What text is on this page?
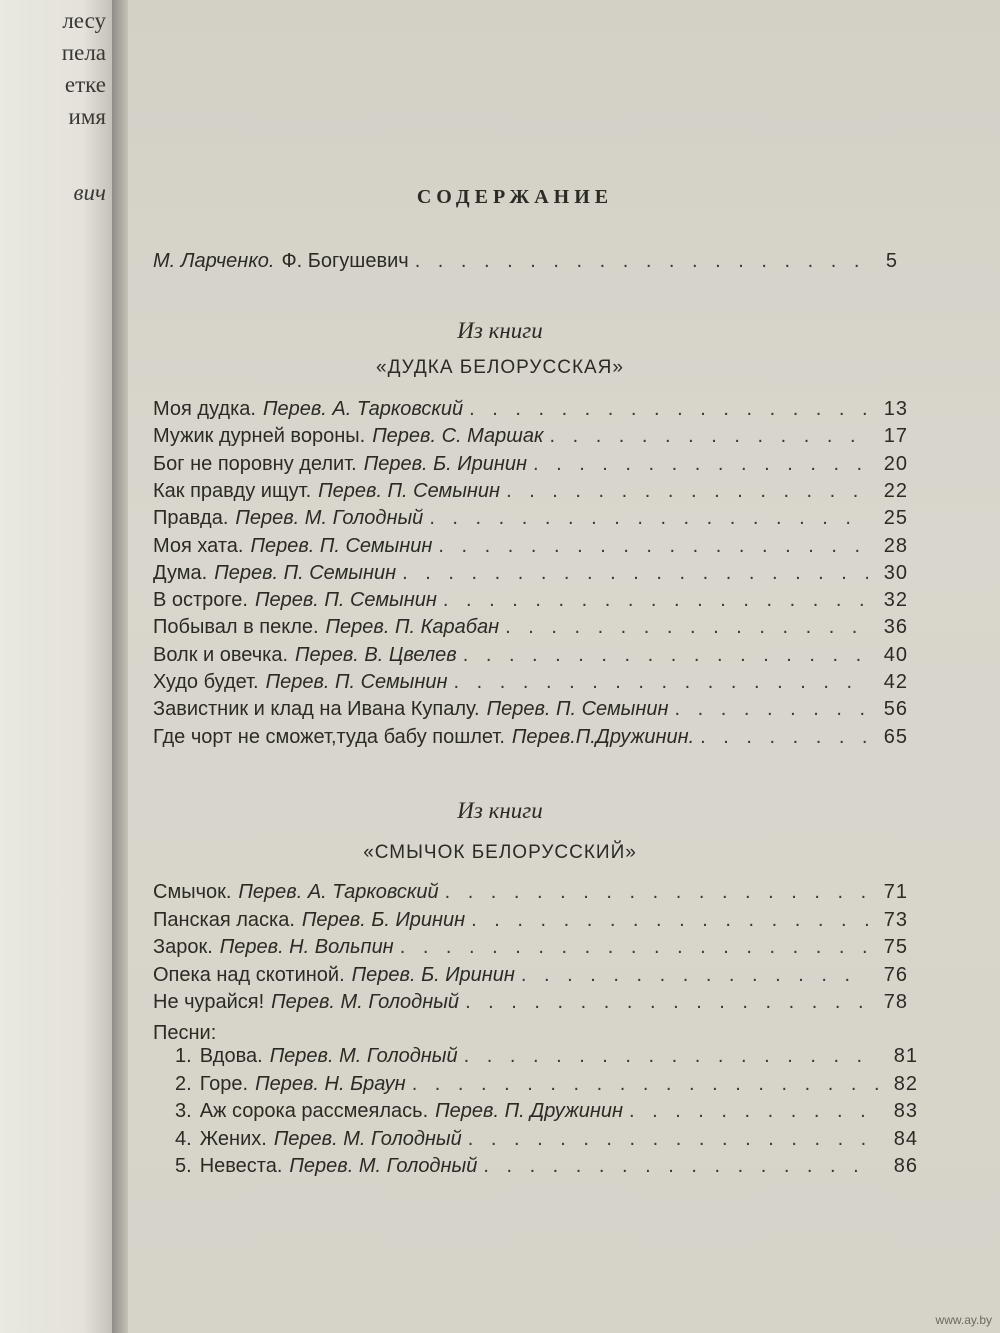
лесу
пела
етке
имя
вич	СОДЕРЖАНИЕ
М. Ларченко. Ф. Богушевич . . .	5
Из книги
«ДУДКА БЕЛОРУССКАЯ»
Моя дудка. Перев. А. Тарковский . . .	13
Мужик дурней вороны. Перев. С. Маршак . . .	17
Бог не поровну делит. Перев. Б. Иринин . . .	20
Как правду ищут. Перев. П. Семынин . . .	22
Правда. Перев. М. Голодный . . .	25
Моя хата. Перев. П. Семынин . . .	28
Дума. Перев. П. Семынин . . .	30
В остроге. Перев. П. Семынин . . .	32
Побывал в пекле. Перев. П. Карабан . . .	36
Волк и овечка. Перев. В. Цвелев . . .	40
Худо будет. Перев. П. Семынин . . .	42
Завистник и клад на Ивана Купалу. Перев. П. Семынин . . .	56
Где чорт не сможет,туда бабу пошлет. Перев.П.Дружинин. . . .	65
Из книги
«СМЫЧОК БЕЛОРУССКИЙ»
Смычок. Перев. А. Тарковский . . .	71
Панская ласка. Перев. Б. Иринин . . .	73
Зарок. Перев. Н. Вольпин . . .	75
Опека над скотиной. Перев. Б. Иринин . . .	76
Не чурайся! Перев. М. Голодный . . .	78
Песни:
1. Вдова. Перев. М. Голодный . . .	81
2. Горе. Перев. Н. Браун . . .	82
3. Аж сорока рассмеялась. Перев. П. Дружинин . . .	83
4. Жених. Перев. М. Голодный . . .	84
5. Невеста. Перев. М. Голодный . . .	86
www.ay.by
